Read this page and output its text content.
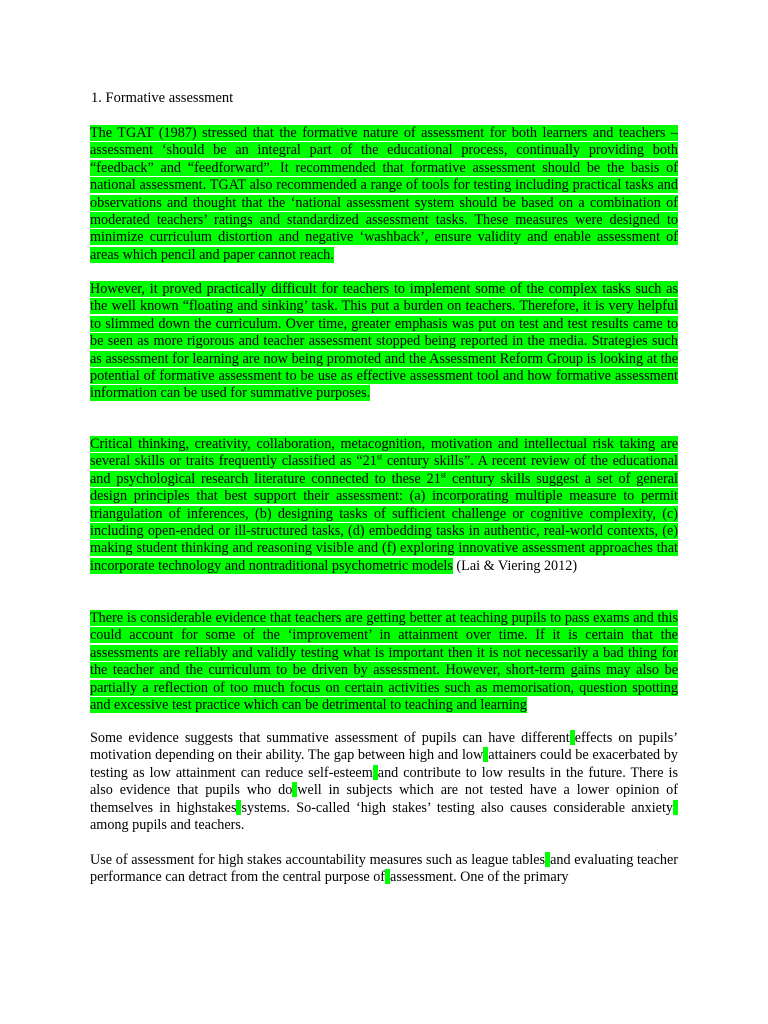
1. Formative assessment

The TGAT (1987) stressed that the formative nature of assessment for both learners and teachers – assessment ‘should be an integral part of the educational process, continually providing both “feedback” and “feedforward”. It recommended that formative assessment should be the basis of national assessment. TGAT also recommended a range of tools for testing including practical tasks and observations and thought that the ‘national assessment system should be based on a combination of moderated teachers’ ratings and standardized assessment tasks. These measures were designed to minimize curriculum distortion and negative ‘washback’, ensure validity and enable assessment of areas which pencil and paper cannot reach.

However, it proved practically difficult for teachers to implement some of the complex tasks such as the well known “floating and sinking’ task. This put a burden on teachers. Therefore, it is very helpful to slimmed down the curriculum. Over time, greater emphasis was put on test and test results came to be seen as more rigorous and teacher assessment stopped being reported in the media. Strategies such as assessment for learning are now being promoted and the Assessment Reform Group is looking at the potential of formative assessment to be use as effective assessment tool and how formative assessment information can be used for summative purposes.

Critical thinking, creativity, collaboration, metacognition, motivation and intellectual risk taking are several skills or traits frequently classified as “21st century skills”. A recent review of the educational and psychological research literature connected to these 21st century skills suggest a set of general design principles that best support their assessment: (a) incorporating multiple measure to permit triangulation of inferences, (b) designing tasks of sufficient challenge or cognitive complexity, (c) including open-ended or ill-structured tasks, (d) embedding tasks in authentic, real-world contexts, (e) making student thinking and reasoning visible and (f) exploring innovative assessment approaches that incorporate technology and nontraditional psychometric models (Lai & Viering 2012)

There is considerable evidence that teachers are getting better at teaching pupils to pass exams and this could account for some of the ‘improvement’ in attainment over time. If it is certain that the assessments are reliably and validly testing what is important then it is not necessarily a bad thing for the teacher and the curriculum to be driven by assessment. However, short-term gains may also be partially a reflection of too much focus on certain activities such as memorisation, question spotting and excessive test practice which can be detrimental to teaching and learning

Some evidence suggests that summative assessment of pupils can have different effects on pupils’ motivation depending on their ability. The gap between high and low attainers could be exacerbated by testing as low attainment can reduce self-esteem and contribute to low results in the future. There is also evidence that pupils who do well in subjects which are not tested have a lower opinion of themselves in highstakes systems. So-called ‘high stakes’ testing also causes considerable anxietyamong pupils and teachers.

Use of assessment for high stakes accountability measures such as league tables and evaluating teacher performance can detract from the central purpose of assessment. One of the primary
